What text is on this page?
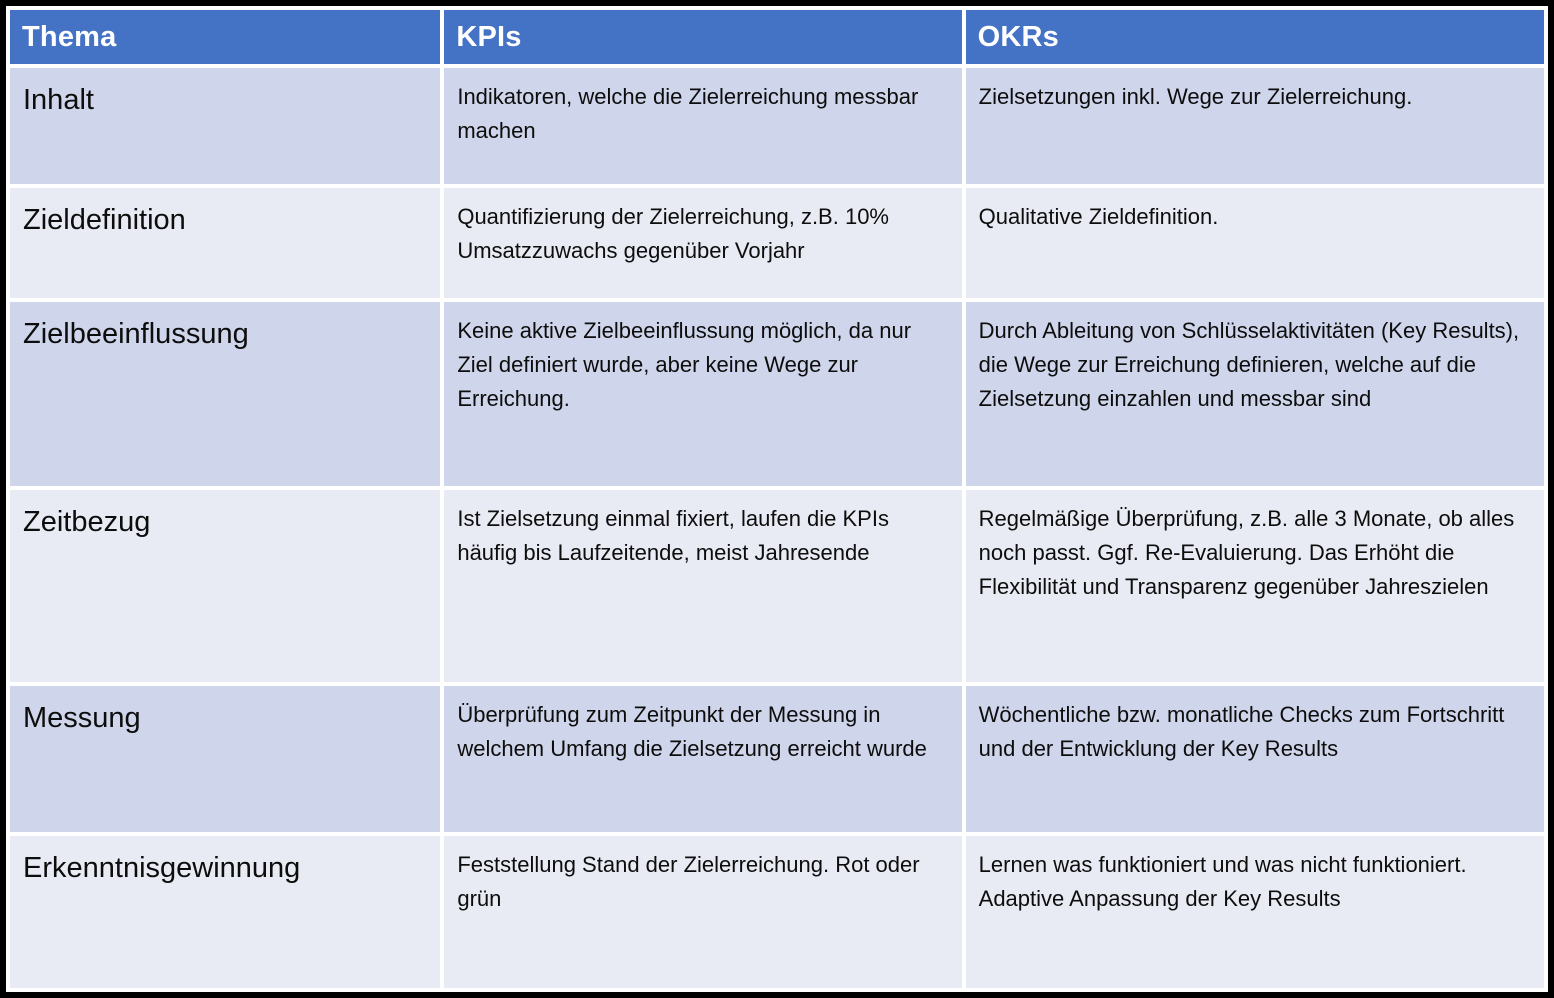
Thema	KPIs	OKRs
Inhalt	Indikatoren, welche die Zielerreichung messbar machen	Zielsetzungen inkl. Wege zur Zielerreichung.
Zieldefinition	Quantifizierung der Zielerreichung, z.B. 10% Umsatzzuwachs gegenüber Vorjahr	Qualitative Zieldefinition.
Zielbeeinflussung	Keine aktive Zielbeeinflussung möglich, da nur Ziel definiert wurde, aber keine Wege zur Erreichung.	Durch Ableitung von Schlüsselaktivitäten (Key Results), die Wege zur Erreichung definieren, welche auf die Zielsetzung einzahlen und messbar sind
Zeitbezug	Ist Zielsetzung einmal fixiert, laufen die KPIs häufig bis Laufzeitende, meist Jahresende	Regelmäßige Überprüfung, z.B. alle 3 Monate, ob alles noch passt. Ggf. Re-Evaluierung. Das Erhöht die Flexibilität und Transparenz gegenüber Jahreszielen
Messung	Überprüfung zum Zeitpunkt der Messung in welchem Umfang die Zielsetzung erreicht wurde	Wöchentliche bzw. monatliche Checks zum Fortschritt und der Entwicklung der Key Results
Erkenntnisgewinnung	Feststellung Stand der Zielerreichung. Rot oder grün	Lernen was funktioniert und was nicht funktioniert. Adaptive Anpassung der Key Results
